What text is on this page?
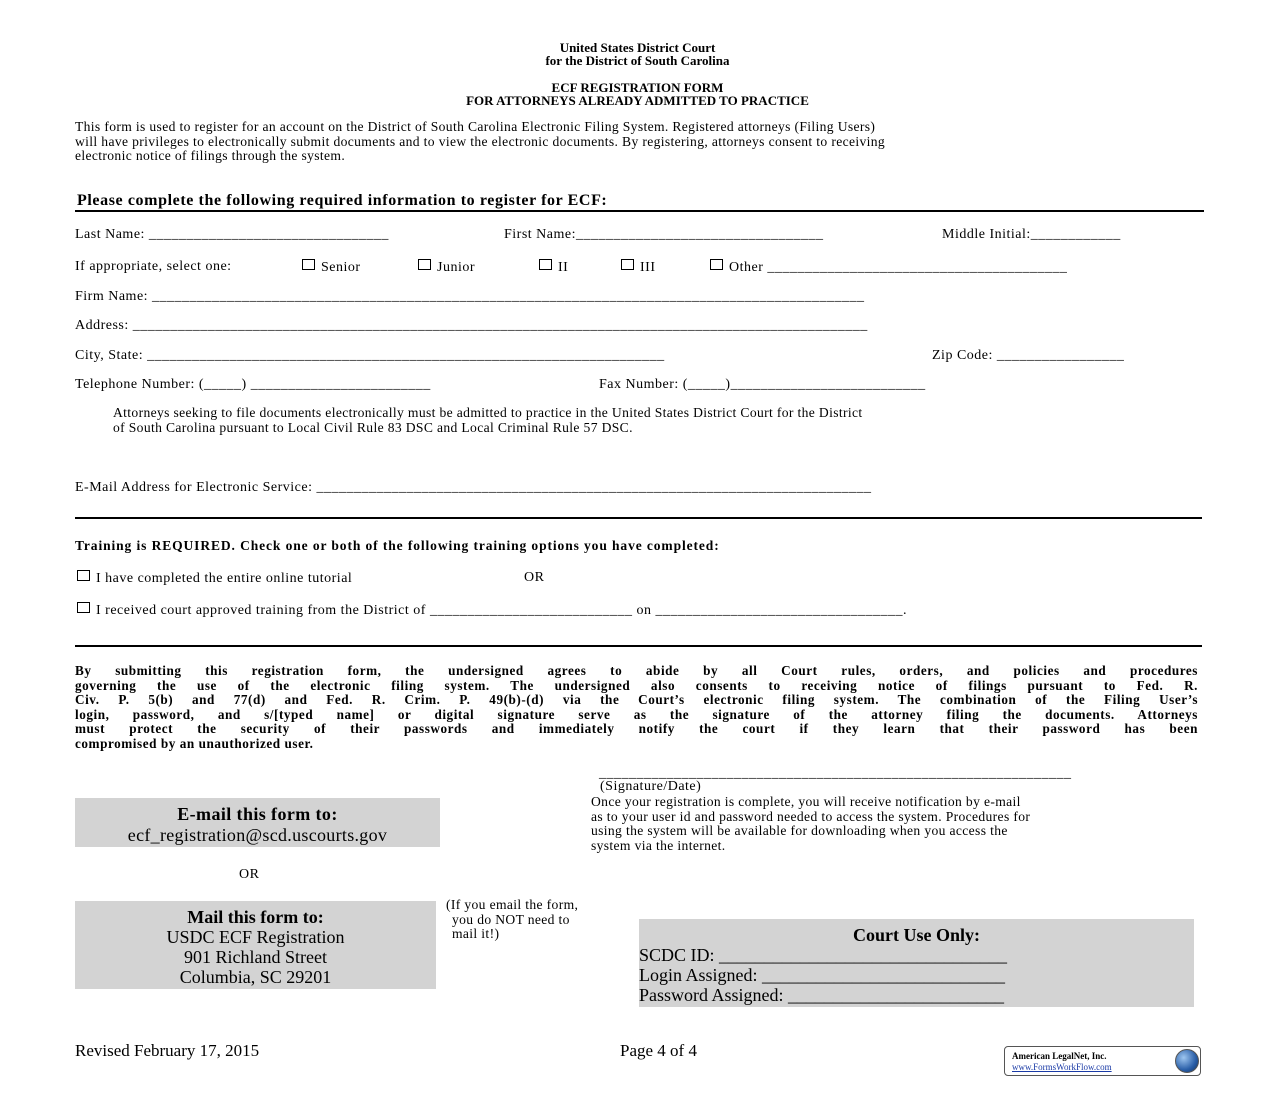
United States District Court
for the District of South Carolina
ECF REGISTRATION FORM
FOR ATTORNEYS ALREADY ADMITTED TO PRACTICE
This form is used to register for an account on the District of South Carolina Electronic Filing System. Registered attorneys (Filing Users)
will have privileges to electronically submit documents and to view the electronic documents. By registering, attorneys consent to receiving
electronic notice of filings through the system.
Please complete the following required information to register for ECF:
Last Name: ________________________________	First Name:_________________________________	Middle Initial:____________
If appropriate, select one:	Senior	Junior	II	III	Other ________________________________________
Firm Name: _______________________________________________________________________________________________
Address: __________________________________________________________________________________________________
City, State: _____________________________________________________________________	Zip Code: _________________
Telephone Number: (_____) ________________________	Fax Number: (_____)__________________________
Attorneys seeking to file documents electronically must be admitted to practice in the United States District Court for the District
of South Carolina pursuant to Local Civil Rule 83 DSC and Local Criminal Rule 57 DSC.
E-Mail Address for Electronic Service: __________________________________________________________________________
Training is REQUIRED. Check one or both of the following training options you have completed:
I have completed the entire online tutorial	OR
I received court approved training from the District of ___________________________ on _________________________________.
By submitting this registration form, the undersigned agrees to abide by all Court rules, orders, and policies and procedures
governing the use of the electronic filing system. The undersigned also consents to receiving notice of filings pursuant to Fed. R.
Civ. P. 5(b) and 77(d) and Fed. R. Crim. P. 49(b)-(d) via the Court’s electronic filing system. The combination of the Filing User’s
login, password, and s/[typed name] or digital signature serve as the signature of the attorney filing the documents. Attorneys
must protect the security of their passwords and immediately notify the court if they learn that their password has been
compromised by an unauthorized user.
_______________________________________________________________
(Signature/Date)
Once your registration is complete, you will receive notification by e-mail
as to your user id and password needed to access the system. Procedures for
using the system will be available for downloading when you access the
system via the internet.
E-mail this form to:
ecf_registration@scd.uscourts.gov
OR
Mail this form to:
USDC ECF Registration
901 Richland Street
Columbia, SC 29201
(If you email the form,
you do NOT need to
mail it!)	Court Use Only:
SCDC ID: ________________________________
Login Assigned: ___________________________
Password Assigned: ________________________
Revised February 17, 2015	Page 4 of 4	American LegalNet, Inc.
www.FormsWorkFlow.com
